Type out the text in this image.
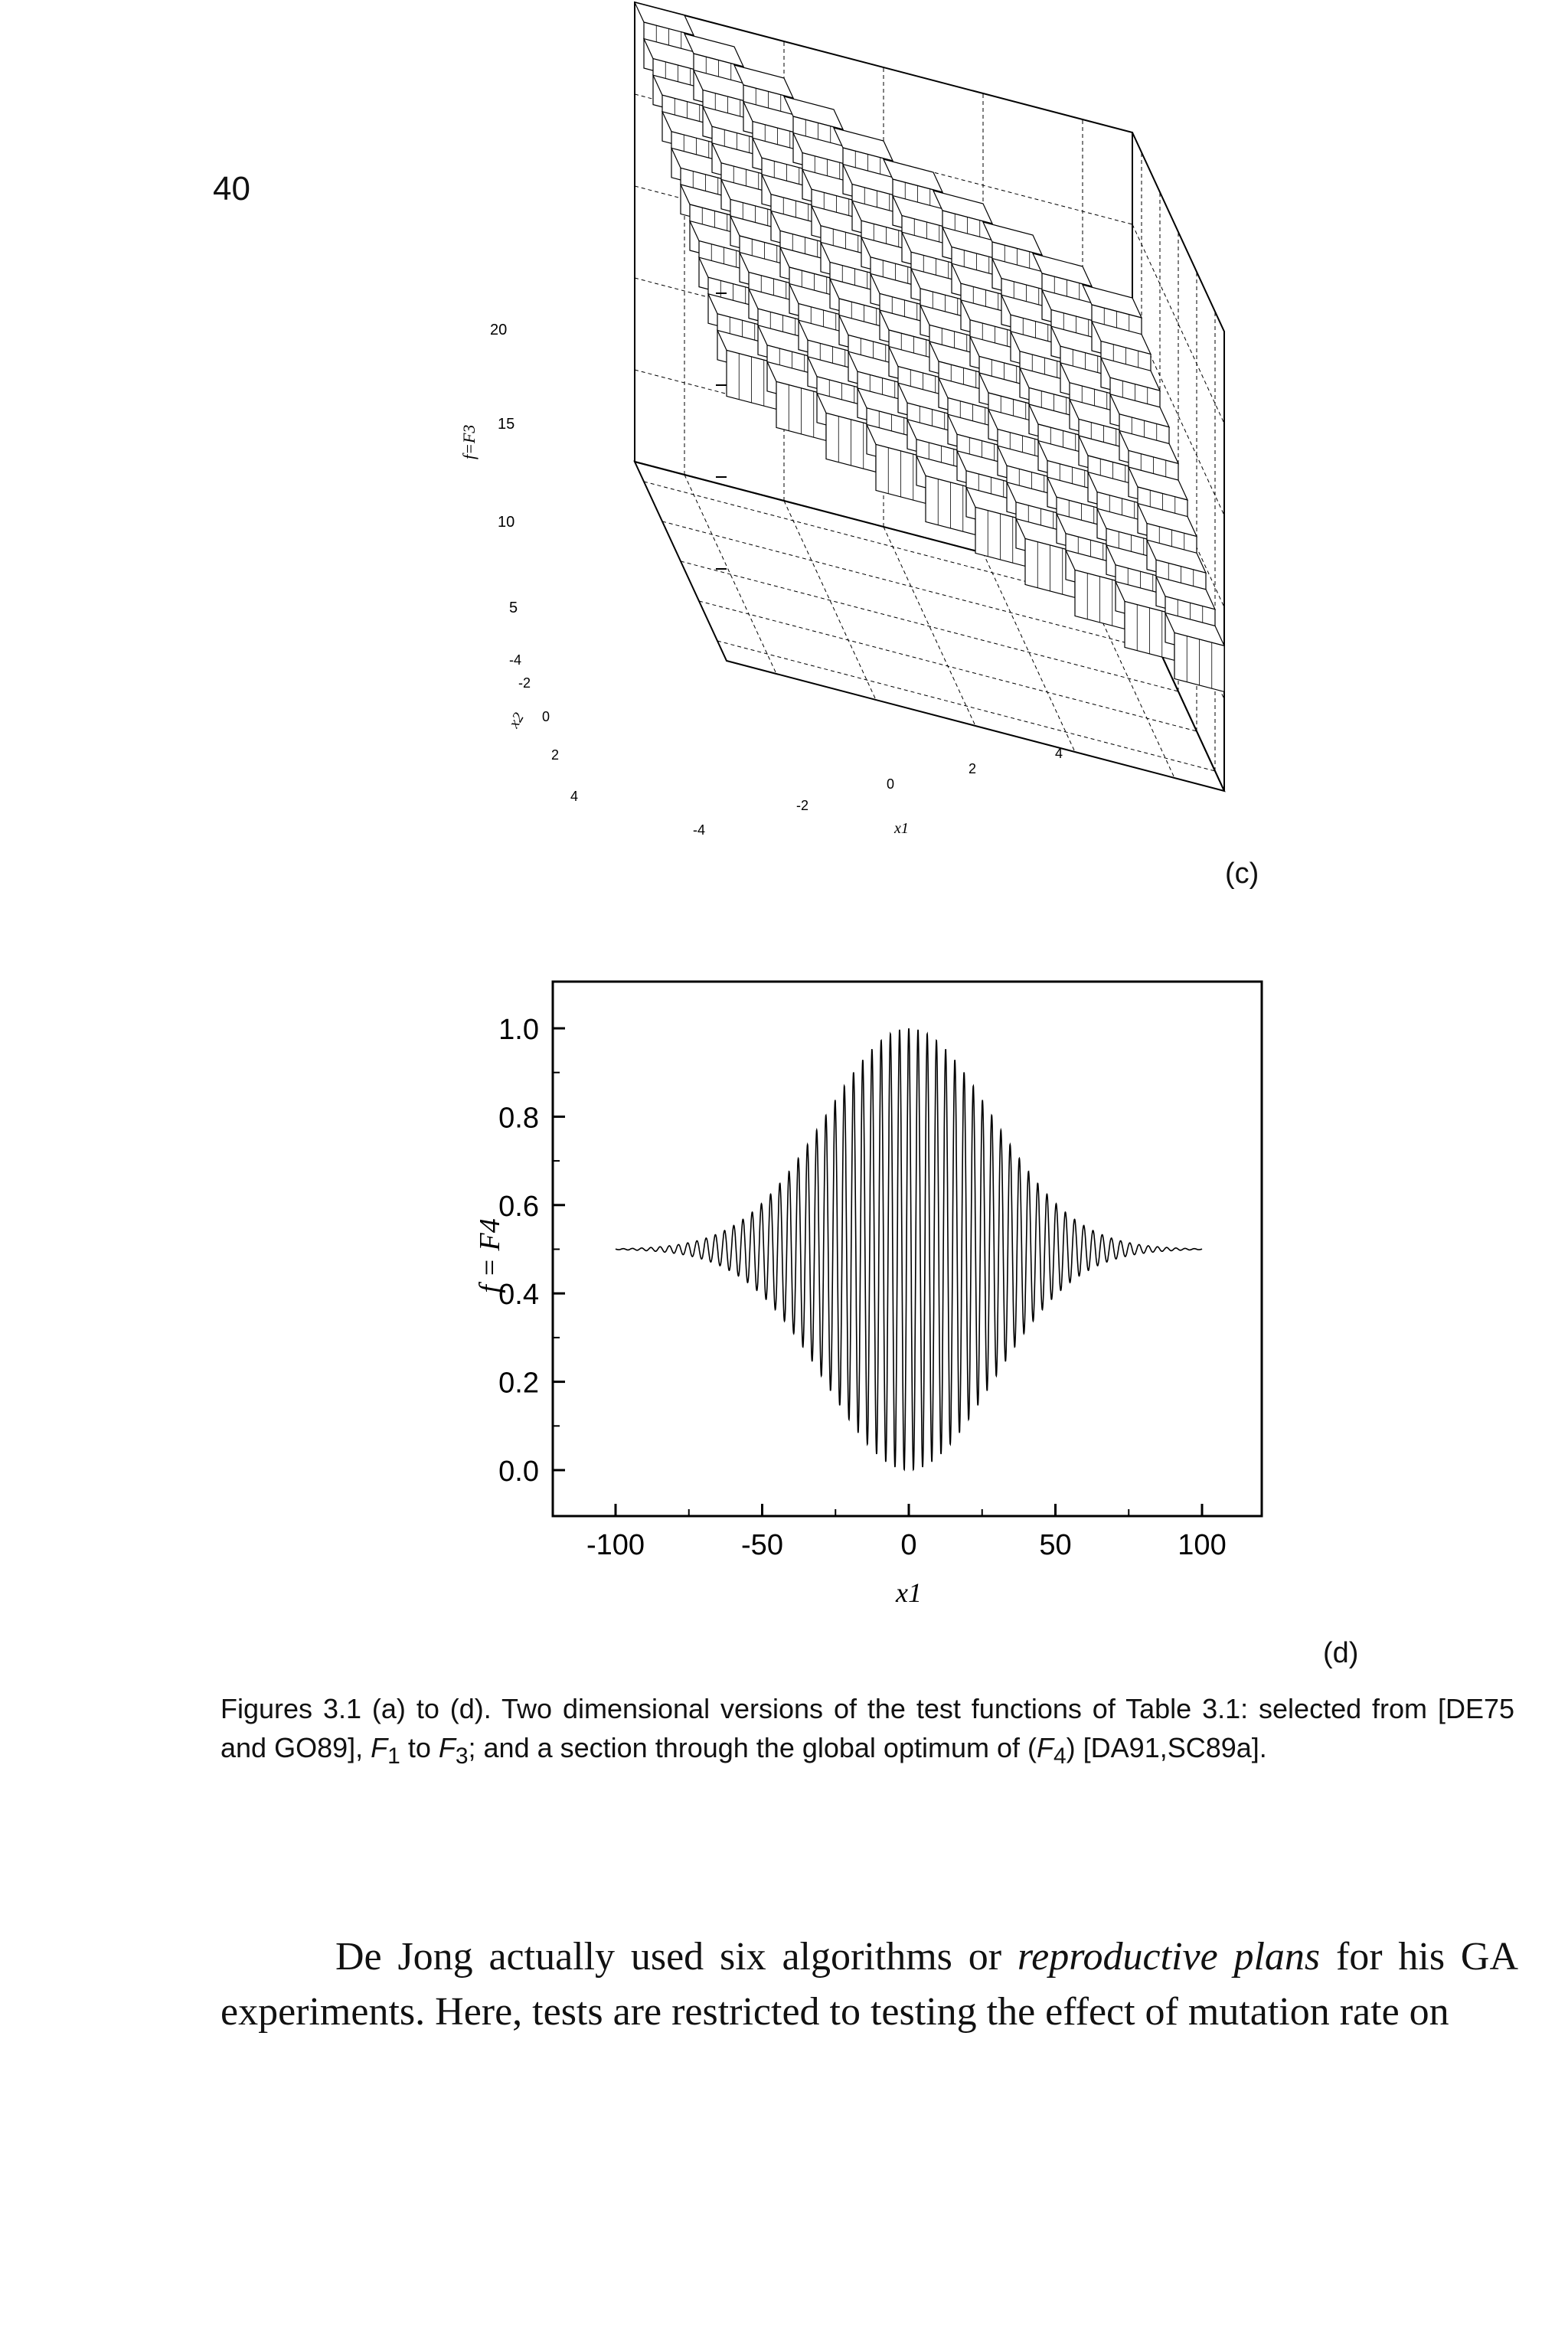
40
20
15
10
5
f=F3
-4
-2
0
2
4
x2
-4
-2
0
2
4
x1
(c)
0.0
0.2
0.4
0.6
0.8
1.0
-100	-50	0	50	100
x1
f = F4
(d)
Figures 3.1 (a) to (d). Two dimensional versions of the test functions of Table 3.1: selected from [DE75 and GO89], $F_1$ to $F_3$; and a section through the global optimum of $(F_4)$ [DA91,SC89a].
De Jong actually used six algorithms or reproductive plans for his GA experiments. Here, tests are restricted to testing the effect of mutation rate on
